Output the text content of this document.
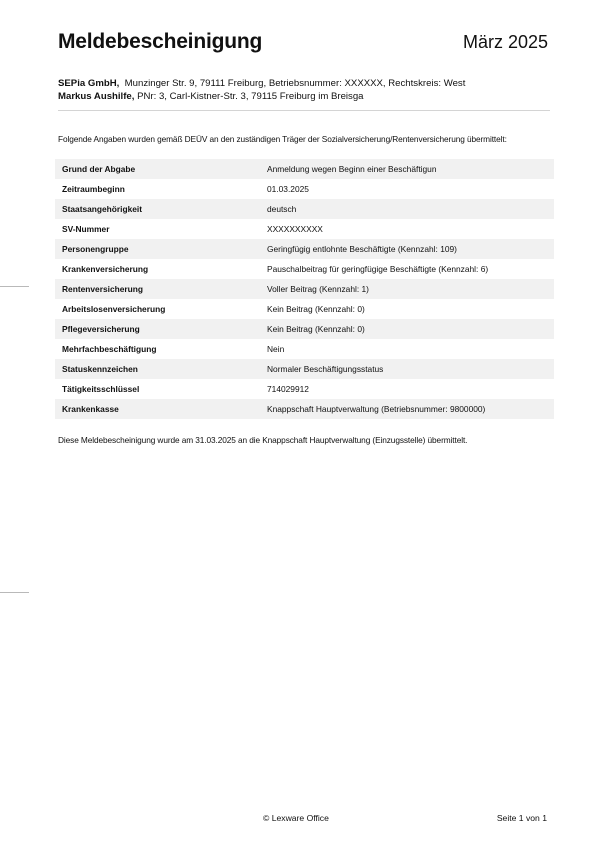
Meldebescheinigung	März 2025
SEPia GmbH, Munzinger Str. 9, 79111 Freiburg, Betriebsnummer: XXXXXX, Rechtskreis: West
Markus Aushilfe, PNr: 3, Carl-Kistner-Str. 3, 79115 Freiburg im Breisga
Folgende Angaben wurden gemäß DEÜV an den zuständigen Träger der Sozialversicherung/Rentenversicherung übermittelt:
Grund der Abgabe	Anmeldung wegen Beginn einer Beschäftigun
Zeitraumbeginn	01.03.2025
Staatsangehörigkeit	deutsch
SV-Nummer	XXXXXXXXXX
Personengruppe	Geringfügig entlohnte Beschäftigte (Kennzahl: 109)
Krankenversicherung	Pauschalbeitrag für geringfügige Beschäftigte (Kennzahl: 6)
Rentenversicherung	Voller Beitrag (Kennzahl: 1)
Arbeitslosenversicherung	Kein Beitrag (Kennzahl: 0)
Pflegeversicherung	Kein Beitrag (Kennzahl: 0)
Mehrfachbeschäftigung	Nein
Statuskennzeichen	Normaler Beschäftigungsstatus
Tätigkeitsschlüssel	714029912
Krankenkasse	Knappschaft Hauptverwaltung (Betriebsnummer: 9800000)
Diese Meldebescheinigung wurde am 31.03.2025 an die Knappschaft Hauptverwaltung (Einzugsstelle) übermittelt.
© Lexware Office	Seite 1 von 1
